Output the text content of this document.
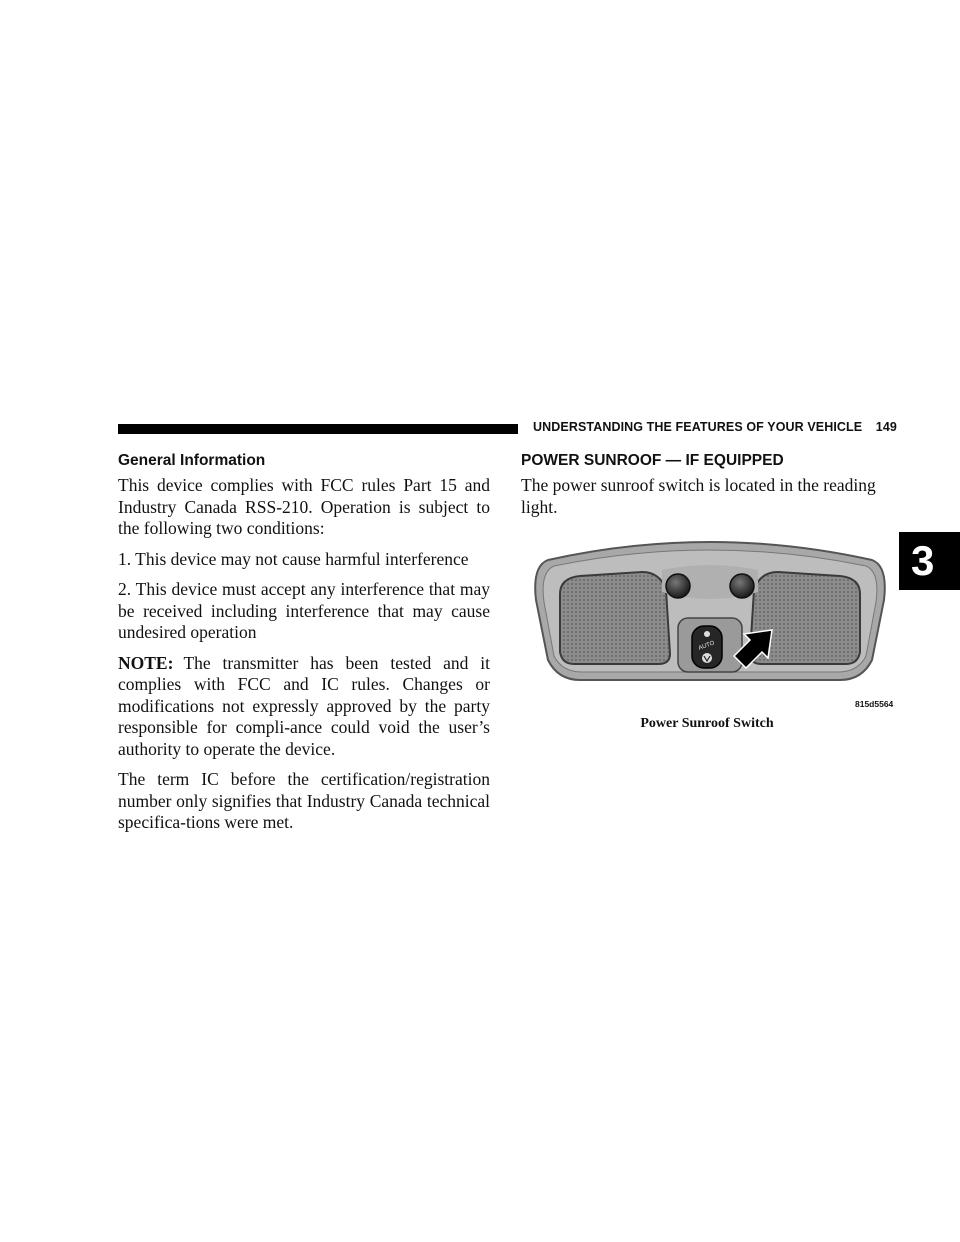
UNDERSTANDING THE FEATURES OF YOUR VEHICLE 149
3
General Information

This device complies with FCC rules Part 15 and Industry Canada RSS-210. Operation is subject to the following two conditions:

1. This device may not cause harmful interference

2. This device must accept any interference that may be received including interference that may cause undesired operation

NOTE: The transmitter has been tested and it complies with FCC and IC rules. Changes or modifications not expressly approved by the party responsible for compli-ance could void the user’s authority to operate the device.

The term IC before the certification/registration number only signifies that Industry Canada technical specifica-tions were met.

POWER SUNROOF — IF EQUIPPED

The power sunroof switch is located in the reading light.

AUTO
815d5564
Power Sunroof Switch
